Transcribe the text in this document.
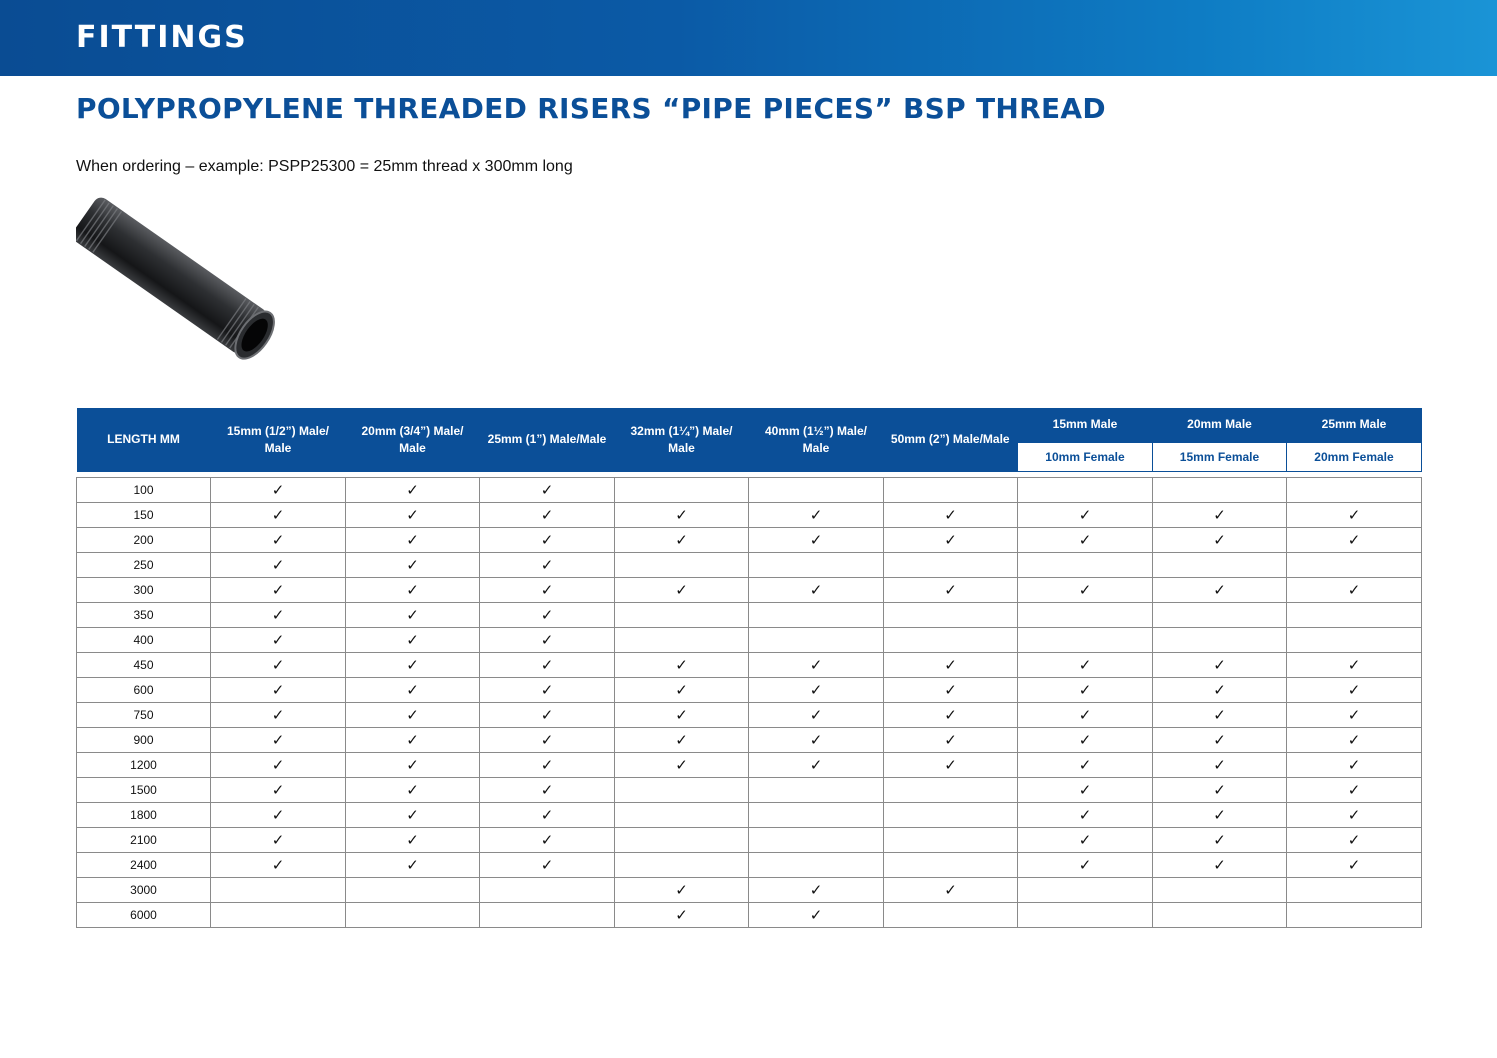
FITTINGS
POLYPROPYLENE THREADED RISERS “PIPE PIECES” BSP THREAD

When ordering – example: PSPP25300 = 25mm thread x 300mm long

LENGTH MM	15mm (1/2”) Male/ Male	20mm (3/4”) Male/ Male	25mm (1”) Male/Male	32mm (1¼”) Male/ Male	40mm (1½”) Male/ Male	50mm (2”) Male/Male	15mm Male	20mm Male	25mm Male
							10mm Female	15mm Female	20mm Female

100	✓	✓	✓						
150	✓	✓	✓	✓	✓	✓	✓	✓	✓
200	✓	✓	✓	✓	✓	✓	✓	✓	✓
250	✓	✓	✓						
300	✓	✓	✓	✓	✓	✓	✓	✓	✓
350	✓	✓	✓						
400	✓	✓	✓						
450	✓	✓	✓	✓	✓	✓	✓	✓	✓
600	✓	✓	✓	✓	✓	✓	✓	✓	✓
750	✓	✓	✓	✓	✓	✓	✓	✓	✓
900	✓	✓	✓	✓	✓	✓	✓	✓	✓
1200	✓	✓	✓	✓	✓	✓	✓	✓	✓
1500	✓	✓	✓				✓	✓	✓
1800	✓	✓	✓				✓	✓	✓
2100	✓	✓	✓				✓	✓	✓
2400	✓	✓	✓				✓	✓	✓
3000				✓	✓	✓			
6000				✓	✓				
